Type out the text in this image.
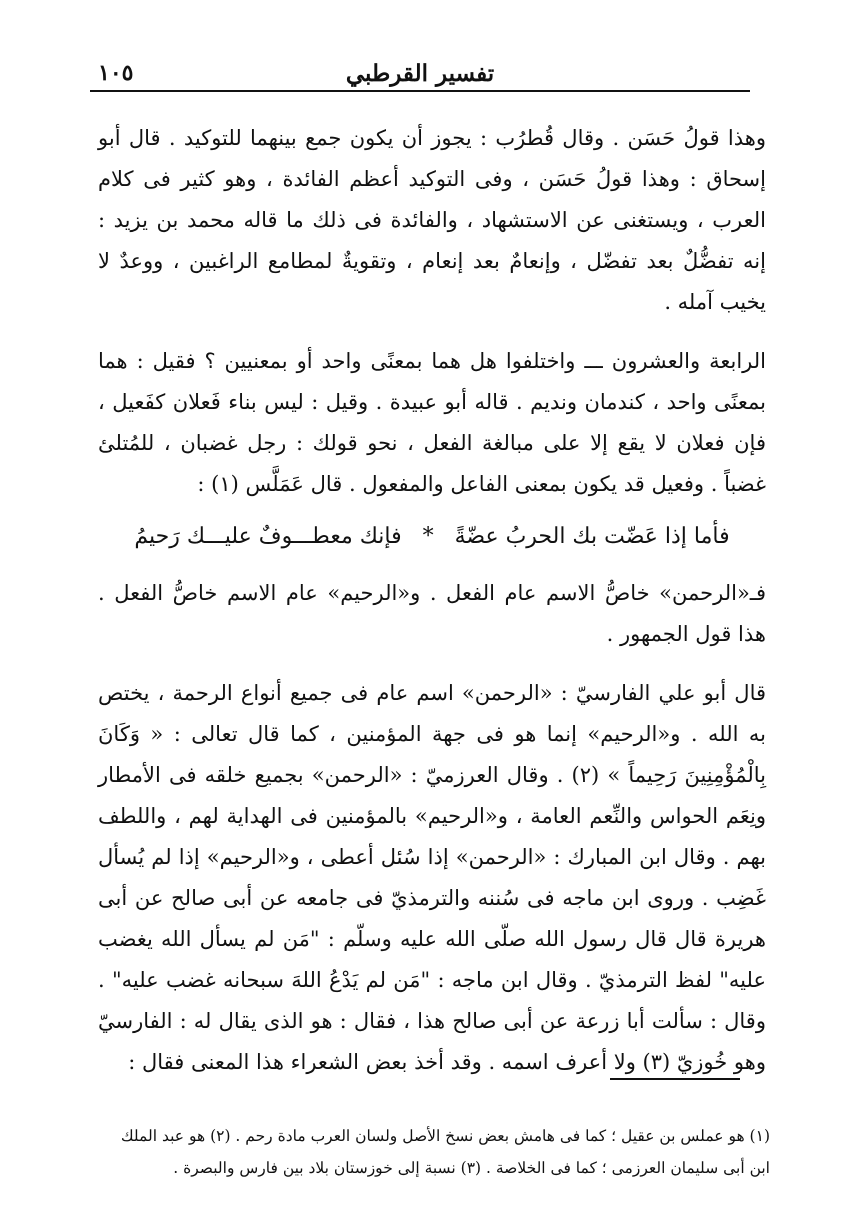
تفسير القرطبي
١٠٥

وهذا قولُ حَسَن . وقال قُطرُب : يجوز أن يكون جمع بينهما للتوكيد . قال أبو إسحاق : وهذا قولُ حَسَن ، وفى التوكيد أعظم الفائدة ، وهو كثير فى كلام العرب ، ويستغنى عن الاستشهاد ، والفائدة فى ذلك ما قاله محمد بن يزيد : إنه تفضُّلٌ بعد تفضّل ، وإنعامٌ بعد إنعام ، وتقويةٌ لمطامع الراغبين ، ووعدٌ لا يخيب آمله .

الرابعة والعشرون ـــ واختلفوا هل هما بمعنًى واحد أو بمعنيين ؟ فقيل : هما بمعنًى واحد ، كندمان ونديم . قاله أبو عبيدة . وقيل : ليس بناء فَعلان كفَعيل ، فإن فعلان لا يقع إلا على مبالغة الفعل ، نحو قولك : رجل غضبان ، للمُتلئ غضباً . وفعيل قد يكون بمعنى الفاعل والمفعول . قال عَمَلَّس (١) :

فأما إذا عَضّت بك الحربُ عضّةً   *   فإنك معطـــوفٌ عليـــك رَحيمُ

فـ«الرحمن» خاصُّ الاسم عام الفعل . و«الرحيم» عام الاسم خاصُّ الفعل . هذا قول الجمهور .

قال أبو علي الفارسيّ : «الرحمن» اسم عام فى جميع أنواع الرحمة ، يختص به الله . و«الرحيم» إنما هو فى جهة المؤمنين ، كما قال تعالى : « وَكَانَ بِالْمُؤْمِنِينَ رَحِيماً » (٢) . وقال العرزميّ : «الرحمن» بجميع خلقه فى الأمطار ونِعَم الحواس والنِّعم العامة ، و«الرحيم» بالمؤمنين فى الهداية لهم ، واللطف بهم . وقال ابن المبارك : «الرحمن» إذا سُئل أعطى ، و«الرحيم» إذا لم يُسأل غَضِب . وروى ابن ماجه فى سُننه والترمذيّ فى جامعه عن أبى صالح عن أبى هريرة قال قال رسول الله صلّى الله عليه وسلّم : "مَن لم يسأل الله يغضب عليه" لفظ الترمذيّ . وقال ابن ماجه : "مَن لم يَدْعُ اللهَ سبحانه غضب عليه" . وقال : سألت أبا زرعة عن أبى صالح هذا ، فقال : هو الذى يقال له : الفارسيّ وهو خُوزيّ (٣) ولا أعرف اسمه . وقد أخذ بعض الشعراء هذا المعنى فقال :

(١) هو عملس بن عقيل ؛ كما فى هامش بعض نسخ الأصل ولسان العرب مادة رحم . (٢) هو عبد الملك
ابن أبى سليمان العرزمى ؛ كما فى الخلاصة . (٣) نسبة إلى خوزستان بلاد بين فارس والبصرة .
